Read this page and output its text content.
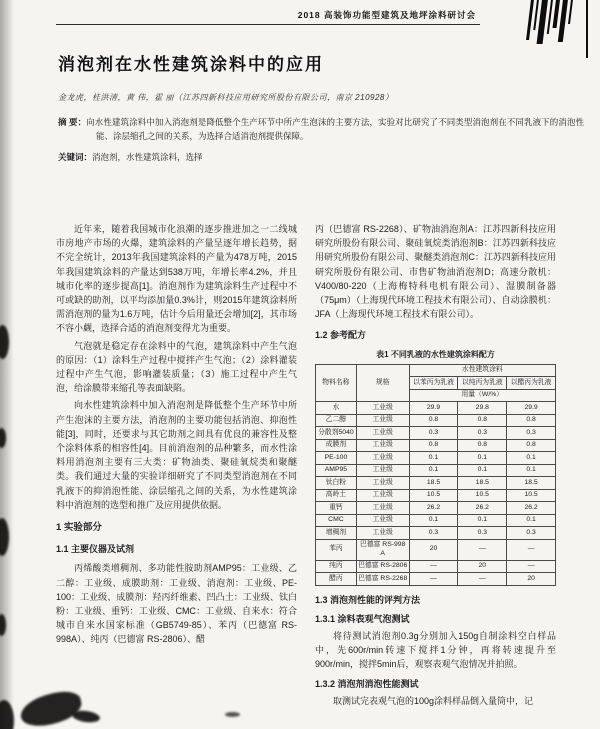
2018 高装饰功能型建筑及地坪涂料研讨会
消泡剂在水性建筑涂料中的应用
金龙虎，桂洪清，黄 伟，霍 丽（江苏四新科技应用研究所股份有限公司，南京 210928）
摘 要：向水性建筑涂料中加入消泡剂是降低整个生产环节中所产生泡沫的主要方法，实验对比研究了不同类型消泡剂在不同乳液下的消泡性能、涂层缩孔之间的关系，为选择合适消泡剂提供保障。
关键词：消泡剂，水性建筑涂料，选择

近年来，随着我国城市化浪潮的逐步推进加之一二线城市房地产市场的火爆，建筑涂料的产量呈逐年增长趋势，据不完全统计，2013年我国建筑涂料的产量为478万吨，2015年我国建筑涂料的产量达到538万吨，年增长率4.2%，并且城市化率的逐步提高[1]。消泡剂作为建筑涂料生产过程中不可或缺的助剂，以平均添加量0.3%计，则2015年建筑涂料所需消泡剂的量为1.6万吨，估计今后用量还会增加[2]，其市场不容小觑，选择合适的消泡剂变得尤为重要。

气泡就是稳定存在涂料中的气泡，建筑涂料中产生气泡的原因：（1）涂料生产过程中搅拌产生气泡；（2）涂料灌装过程中产生气泡，影响灌装质量；（3）施工过程中产生气泡，给涂膜带来缩孔等表面缺陷。

向水性建筑涂料中加入消泡剂是降低整个生产环节中所产生泡沫的主要方法，消泡剂的主要功能包括消泡、抑泡性能[3]，同时，还要求与其它助剂之间具有优良的兼容性及整个涂料体系的相容性[4]。目前消泡剂的品种繁多，而水性涂料用消泡剂主要有三大类：矿物油类、聚硅氧烷类和聚醚类。我们通过大量的实验详细研究了不同类型消泡剂在不同乳液下的抑消泡性能、涂层缩孔之间的关系，为水性建筑涂料中消泡剂的选型和推广及应用提供依据。

1 实验部分
1.1 主要仪器及试剂

丙烯酸类增稠剂、多功能性胺助剂AMP95：工业级、乙二醇：工业级、成膜助剂：工业级、消泡剂：工业级、PE-100：工业级、成膜剂：羟丙纤维素、凹凸土：工业级、钛白粉：工业级、重钙：工业级、CMC：工业级、自来水：符合城市自来水国家标准（GB5749-85）、苯丙（巴德富 RS-998A）、纯丙（巴德富 RS-2806）、醋

丙（巴德富 RS-2268）、矿物油消泡剂A：江苏四新科技应用研究所股份有限公司、聚硅氧烷类消泡剂B：江苏四新科技应用研究所股份有限公司、聚醚类消泡剂C：江苏四新科技应用研究所股份有限公司、市售矿物油消泡剂D；高速分散机：V400/80-220（上海梅特科电机有限公司）、湿膜制备器（75μm）（上海现代环境工程技术有限公司）、自动涂膜机：JFA（上海现代环境工程技术有限公司）。

1.2 参考配方
表1 不同乳液的水性建筑涂料配方
物料名称	规格	水性建筑涂料		
		以苯丙为乳液	以纯丙为乳液	以醋丙为乳液
		用量（W/%）		
水	工业级	29.9	29.8	29.9
乙二醇	工业级	0.8	0.8	0.8
分散剂5040	工业级	0.3	0.3	0.3
成膜剂	工业级	0.8	0.8	0.8
PE-100	工业级	0.1	0.1	0.1
AMP95	工业级	0.1	0.1	0.1
钛白粉	工业级	18.5	18.5	18.5
高岭土	工业级	10.5	10.5	10.5
重钙	工业级	26.2	26.2	26.2
CMC	工业级	0.1	0.1	0.1
增稠剂	工业级	0.3	0.3	0.3
苯丙	巴德富 RS-998A	20	—	—
纯丙	巴德富 RS-2806	—	20	—
醋丙	巴德富 RS-2268	—	—	20
1.3 消泡剂性能的评判方法
1.3.1 涂料表观气泡测试

将待测试消泡剂0.3g分别加入150g自制涂料空白样品中，先600r/min转速下搅拌1分钟，再将转速提升至900r/min，搅拌5min后，观察表观气泡情况并拍照。

1.3.2 消泡剂消泡性能测试

取测试完表观气泡的100g涂料样品倒入量筒中，记
